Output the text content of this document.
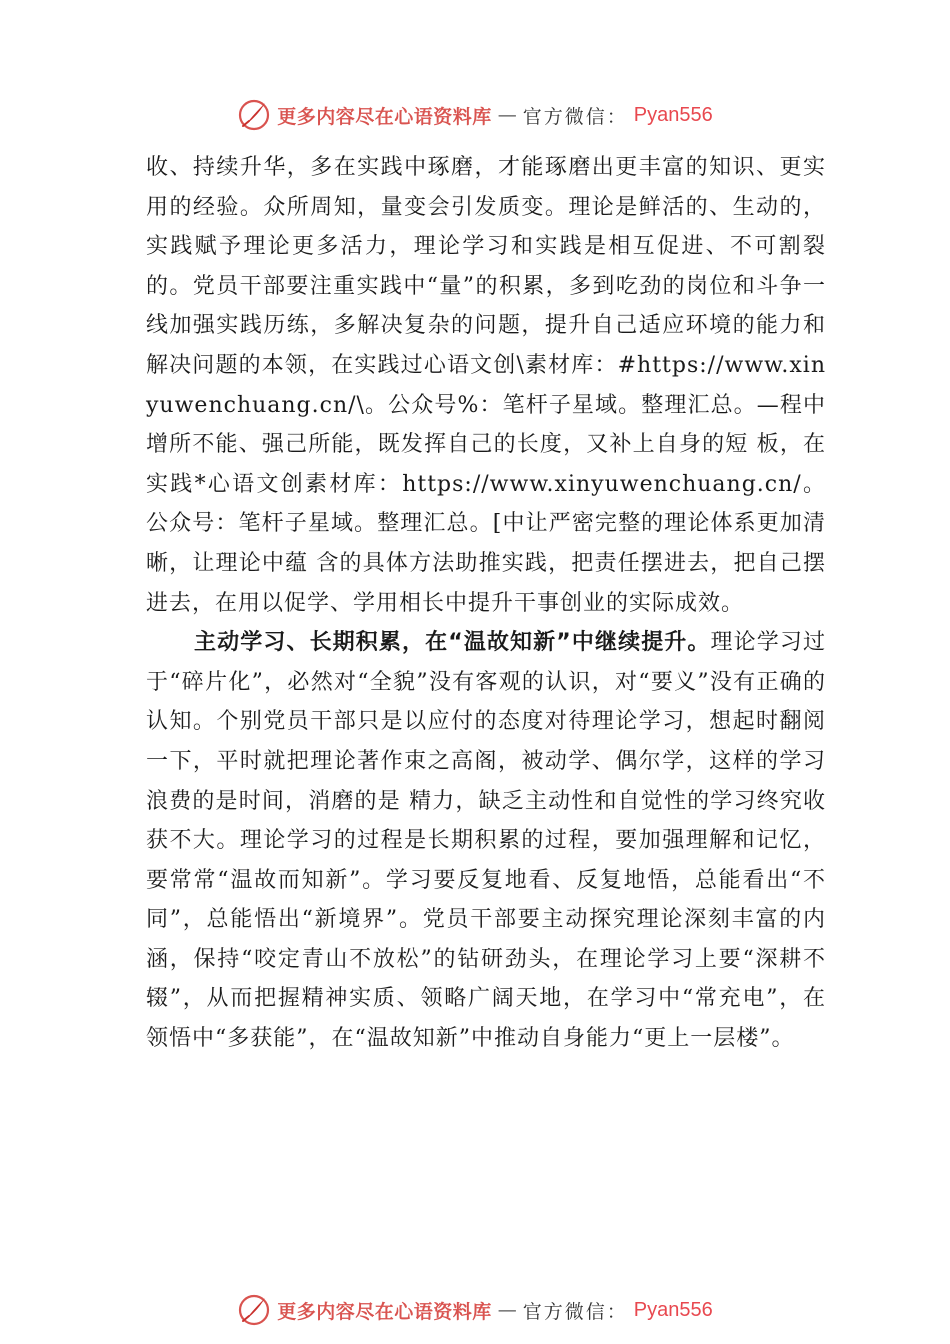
更多内容尽在心语资料库 — 官方微信： Pyan556

收、持续升华，多在实践中琢磨，才能琢磨出更丰富的知识、更实用的经验。众所周知，量变会引发质变。理论是鲜活的、生动的，实践赋予理论更多活力，理论学习和实践是相互促进、不可割裂的。党员干部要注重实践中“量”的积累，多到吃劲的岗位和斗争一线加强实践历练，多解决复杂的问题，提升自己适应环境的能力和解决问题的本领，在实践过心语文创\素材库：#https://www.xinyuwenchuang.cn/\。公众号%：笔杆子星域。整理汇总。—程中 增所不能、强己所能，既发挥自己的长度，又补上自身的短 板，在实践*心语文创素材库：https://www.xinyuwenchuang.cn/。公众号：笔杆子星域。整理汇总。[中让严密完整的理论体系更加清晰，让理论中蕴 含的具体方法助推实践，把责任摆进去，把自己摆进去，在用以促学、学用相长中提升干事创业的实际成效。

主动学习、长期积累，在“温故知新”中继续提升。理论学习过于“碎片化”，必然对“全貌”没有客观的认识，对“要义”没有正确的认知。个别党员干部只是以应付的态度对待理论学习，想起时翻阅一下，平时就把理论著作束之高阁，被动学、偶尔学，这样的学习浪费的是时间，消磨的是 精力，缺乏主动性和自觉性的学习终究收获不大。理论学习的过程是长期积累的过程，要加强理解和记忆，要常常“温故而知新”。学习要反复地看、反复地悟，总能看出“不同”，总能悟出“新境界”。党员干部要主动探究理论深刻丰富的内涵，保持“咬定青山不放松”的钻研劲头，在理论学习上要“深耕不辍”，从而把握精神实质、领略广阔天地，在学习中“常充电”，在领悟中“多获能”，在“温故知新”中推动自身能力“更上一层楼”。

更多内容尽在心语资料库 — 官方微信： Pyan556
